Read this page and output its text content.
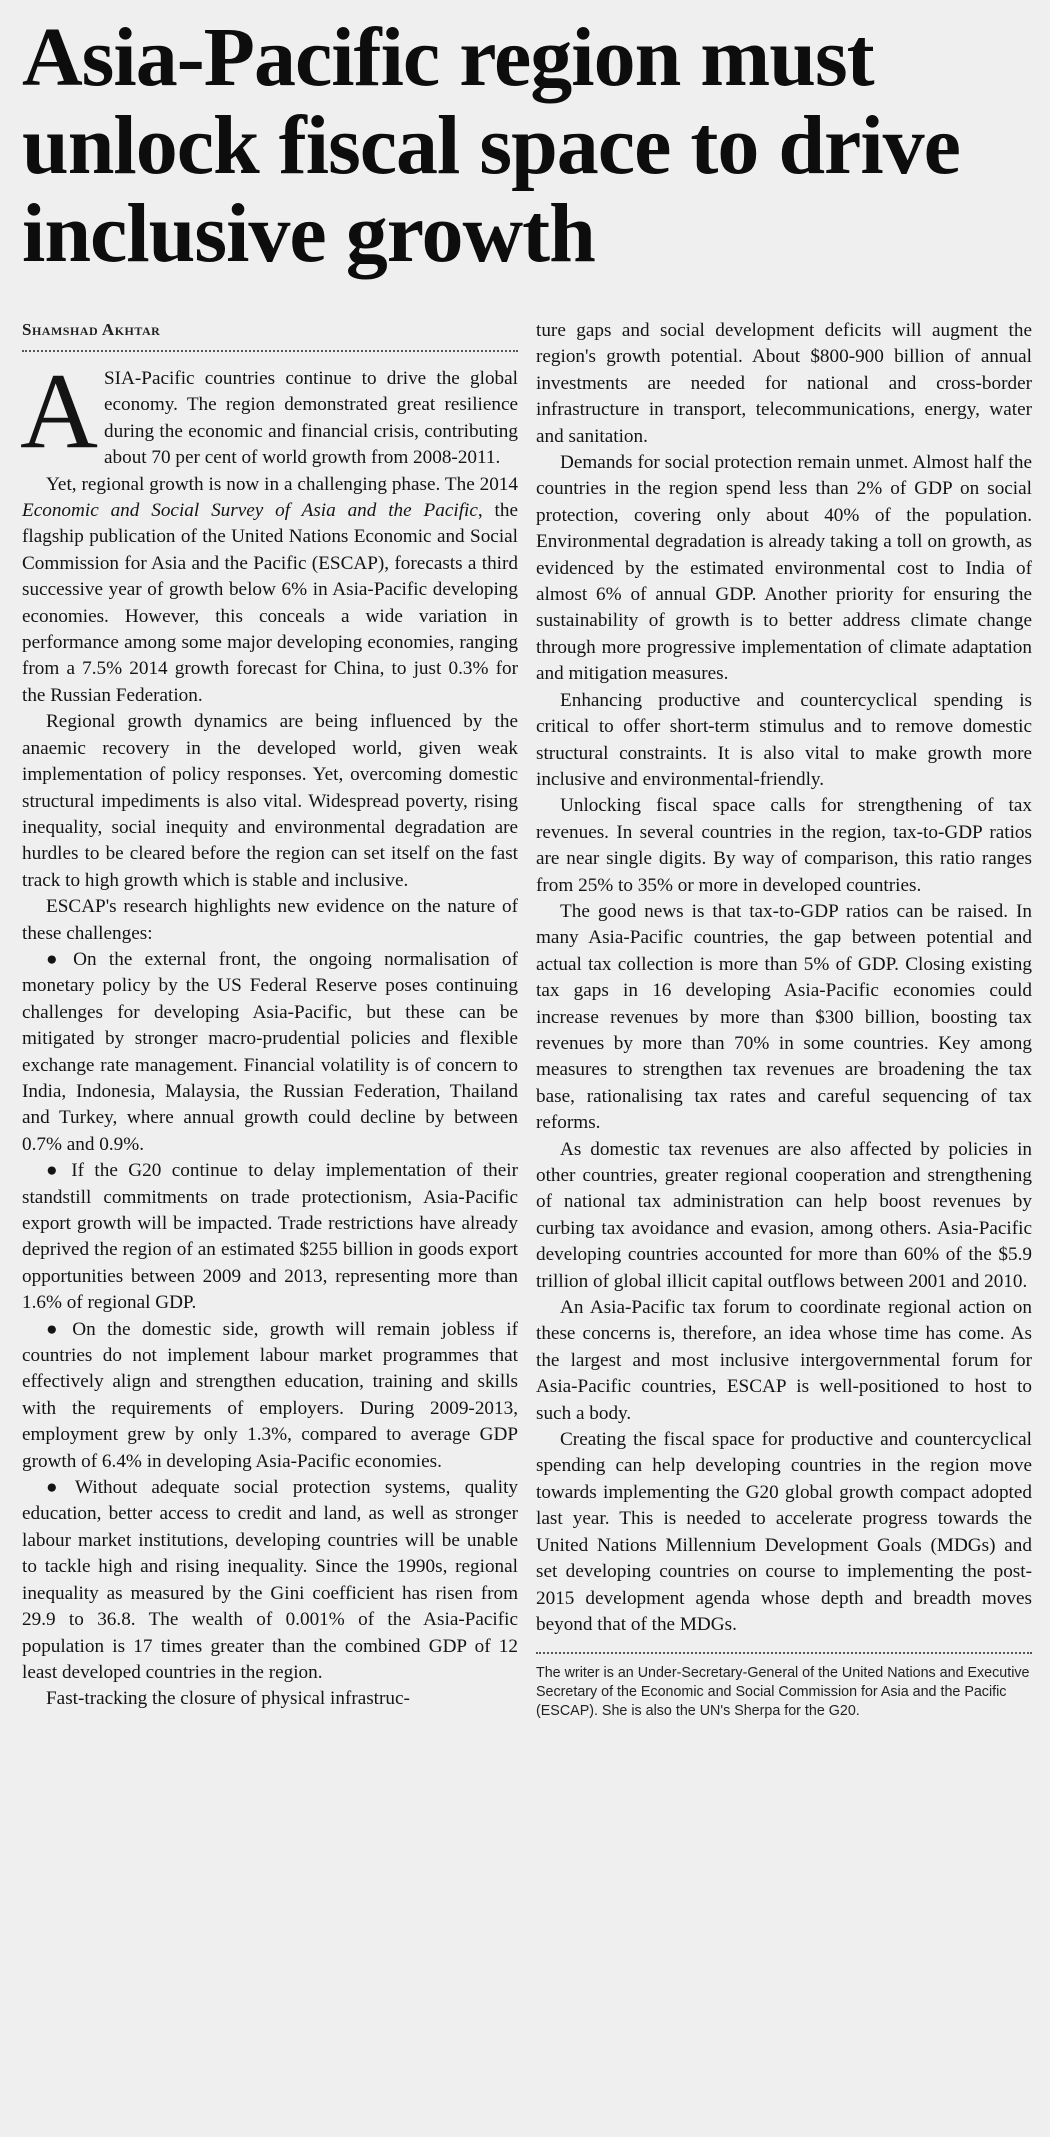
Asia-Pacific region must unlock fiscal space to drive inclusive growth
Shamshad Akhtar

ASIA-Pacific countries continue to drive the global economy. The region demonstrated great resilience during the economic and financial crisis, contributing about 70 per cent of world growth from 2008-2011.

Yet, regional growth is now in a challenging phase. The 2014 Economic and Social Survey of Asia and the Pacific, the flagship publication of the United Nations Economic and Social Commission for Asia and the Pacific (ESCAP), forecasts a third successive year of growth below 6% in Asia-Pacific developing economies. However, this conceals a wide variation in performance among some major developing economies, ranging from a 7.5% 2014 growth forecast for China, to just 0.3% for the Russian Federation.

Regional growth dynamics are being influenced by the anaemic recovery in the developed world, given weak implementation of policy responses. Yet, overcoming domestic structural impediments is also vital. Widespread poverty, rising inequality, social inequity and environmental degradation are hurdles to be cleared before the region can set itself on the fast track to high growth which is stable and inclusive.

ESCAP's research highlights new evidence on the nature of these challenges:

● On the external front, the ongoing normalisation of monetary policy by the US Federal Reserve poses continuing challenges for developing Asia-Pacific, but these can be mitigated by stronger macro-prudential policies and flexible exchange rate management. Financial volatility is of concern to India, Indonesia, Malaysia, the Russian Federation, Thailand and Turkey, where annual growth could decline by between 0.7% and 0.9%.

● If the G20 continue to delay implementation of their standstill commitments on trade protectionism, Asia-Pacific export growth will be impacted. Trade restrictions have already deprived the region of an estimated $255 billion in goods export opportunities between 2009 and 2013, representing more than 1.6% of regional GDP.

● On the domestic side, growth will remain jobless if countries do not implement labour market programmes that effectively align and strengthen education, training and skills with the requirements of employers. During 2009-2013, employment grew by only 1.3%, compared to average GDP growth of 6.4% in developing Asia-Pacific economies.

● Without adequate social protection systems, quality education, better access to credit and land, as well as stronger labour market institutions, developing countries will be unable to tackle high and rising inequality. Since the 1990s, regional inequality as measured by the Gini coefficient has risen from 29.9 to 36.8. The wealth of 0.001% of the Asia-Pacific population is 17 times greater than the combined GDP of 12 least developed countries in the region.

Fast-tracking the closure of physical infrastruc-

ture gaps and social development deficits will augment the region's growth potential. About $800-900 billion of annual investments are needed for national and cross-border infrastructure in transport, telecommunications, energy, water and sanitation.

Demands for social protection remain unmet. Almost half the countries in the region spend less than 2% of GDP on social protection, covering only about 40% of the population. Environmental degradation is already taking a toll on growth, as evidenced by the estimated environmental cost to India of almost 6% of annual GDP. Another priority for ensuring the sustainability of growth is to better address climate change through more progressive implementation of climate adaptation and mitigation measures.

Enhancing productive and countercyclical spending is critical to offer short-term stimulus and to remove domestic structural constraints. It is also vital to make growth more inclusive and environmental-friendly.

Unlocking fiscal space calls for strengthening of tax revenues. In several countries in the region, tax-to-GDP ratios are near single digits. By way of comparison, this ratio ranges from 25% to 35% or more in developed countries.

The good news is that tax-to-GDP ratios can be raised. In many Asia-Pacific countries, the gap between potential and actual tax collection is more than 5% of GDP. Closing existing tax gaps in 16 developing Asia-Pacific economies could increase revenues by more than $300 billion, boosting tax revenues by more than 70% in some countries. Key among measures to strengthen tax revenues are broadening the tax base, rationalising tax rates and careful sequencing of tax reforms.

As domestic tax revenues are also affected by policies in other countries, greater regional cooperation and strengthening of national tax administration can help boost revenues by curbing tax avoidance and evasion, among others. Asia-Pacific developing countries accounted for more than 60% of the $5.9 trillion of global illicit capital outflows between 2001 and 2010.

An Asia-Pacific tax forum to coordinate regional action on these concerns is, therefore, an idea whose time has come. As the largest and most inclusive intergovernmental forum for Asia-Pacific countries, ESCAP is well-positioned to host to such a body.

Creating the fiscal space for productive and countercyclical spending can help developing countries in the region move towards implementing the G20 global growth compact adopted last year. This is needed to accelerate progress towards the United Nations Millennium Development Goals (MDGs) and set developing countries on course to implementing the post-2015 development agenda whose depth and breadth moves beyond that of the MDGs.

The writer is an Under-Secretary-General of the United Nations and Executive Secretary of the Economic and Social Commission for Asia and the Pacific (ESCAP). She is also the UN's Sherpa for the G20.
